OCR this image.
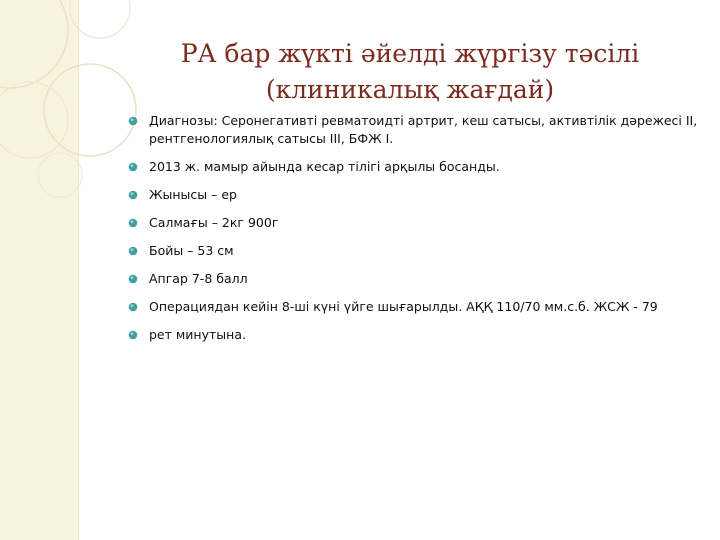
РА бар жүкті әйелді жүргізу тәсілі
(клиникалық жағдай)
Диагнозы: Серонегативті ревматоидті артрит, кеш сатысы, активтілік дәрежесі II, рентгенологиялық сатысы III, БФЖ I.
2013 ж. мамыр айында кесар тілігі арқылы босанды.
Жынысы – ер
Салмағы – 2кг 900г
Бойы – 53 см
Апгар 7-8 балл
Операциядан кейін 8-ші күні үйге шығарылды. АҚҚ 110/70 мм.с.б. ЖСЖ - 79
рет минутына.
